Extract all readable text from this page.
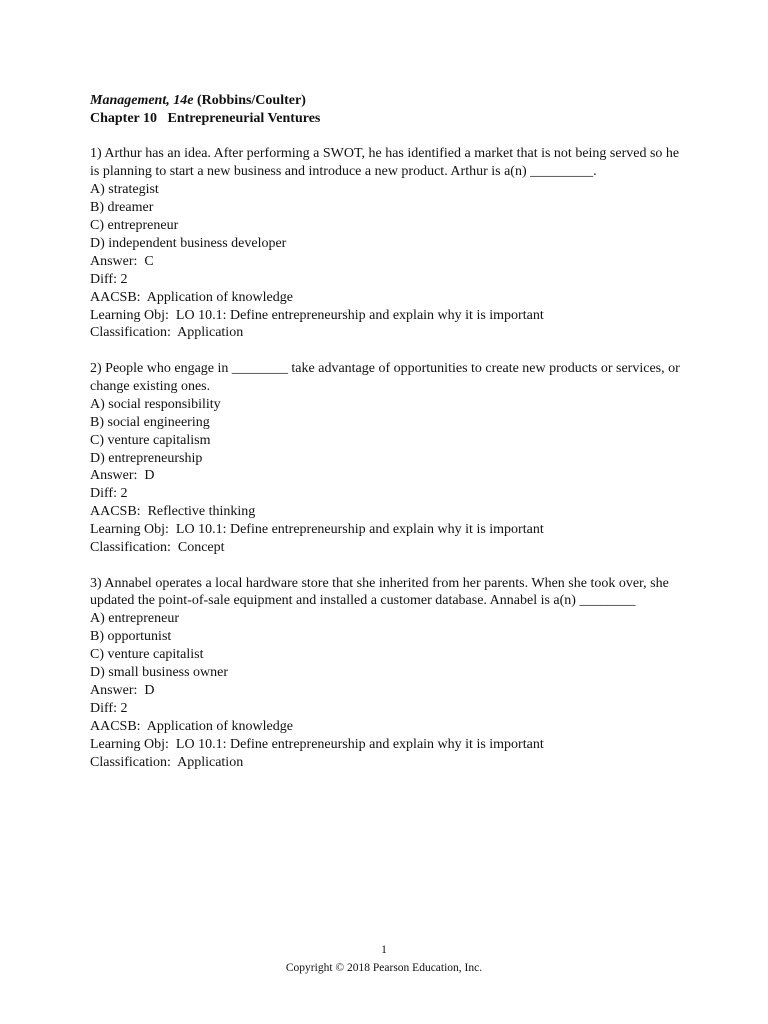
Management, 14e (Robbins/Coulter)
Chapter 10   Entrepreneurial Ventures
1) Arthur has an idea. After performing a SWOT, he has identified a market that is not being served so he is planning to start a new business and introduce a new product. Arthur is a(n) _________.
A) strategist
B) dreamer
C) entrepreneur
D) independent business developer
Answer:  C
Diff: 2
AACSB:  Application of knowledge
Learning Obj:  LO 10.1: Define entrepreneurship and explain why it is important
Classification:  Application
2) People who engage in ________ take advantage of opportunities to create new products or services, or change existing ones.
A) social responsibility
B) social engineering
C) venture capitalism
D) entrepreneurship
Answer:  D
Diff: 2
AACSB:  Reflective thinking
Learning Obj:  LO 10.1: Define entrepreneurship and explain why it is important
Classification:  Concept
3) Annabel operates a local hardware store that she inherited from her parents. When she took over, she updated the point-of-sale equipment and installed a customer database. Annabel is a(n) ________
A) entrepreneur
B) opportunist
C) venture capitalist
D) small business owner
Answer:  D
Diff: 2
AACSB:  Application of knowledge
Learning Obj:  LO 10.1: Define entrepreneurship and explain why it is important
Classification:  Application
1
Copyright © 2018 Pearson Education, Inc.
